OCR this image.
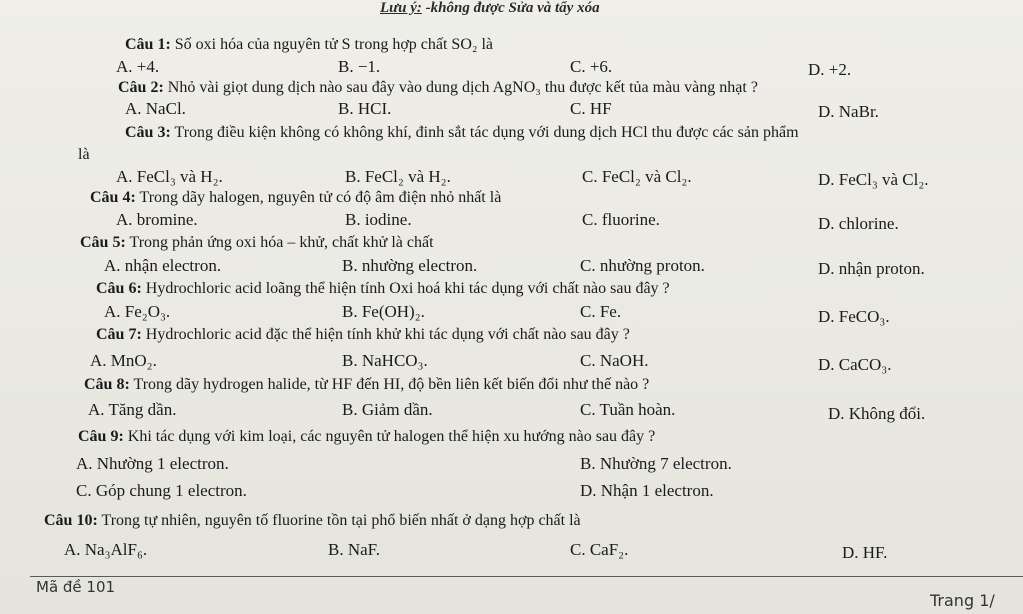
Lưu ý: -không được Sửa và tẩy xóa
Câu 1: Số oxi hóa của nguyên tử S trong hợp chất SO₂ là
A. +4.	B. −1.	C. +6.	D. +2.
Câu 2: Nhỏ vài giọt dung dịch nào sau đây vào dung dịch AgNO₃ thu được kết tủa màu vàng nhạt ?
A. NaCl.	B. HCI.	C. HF	D. NaBr.
Câu 3: Trong điều kiện không có không khí, đinh sắt tác dụng với dung dịch HCl thu được các sản phẩm
là
A. FeCl₃ và H₂.	B. FeCl₂ và H₂.	C. FeCl₂ và Cl₂.	D. FeCl₃ và Cl₂.
Câu 4: Trong dãy halogen, nguyên tử có độ âm điện nhỏ nhất là
A. bromine.	B. iodine.	C. fluorine.	D. chlorine.
Câu 5: Trong phản ứng oxi hóa – khử, chất khử là chất
A. nhận electron.	B. nhường electron.	C. nhường proton.	D. nhận proton.
Câu 6: Hydrochloric acid loãng thể hiện tính Oxi hoá khi tác dụng với chất nào sau đây ?
A. Fe₂O₃.	B. Fe(OH)₂.	C. Fe.	D. FeCO₃.
Câu 7: Hydrochloric acid đặc thể hiện tính khử khi tác dụng với chất nào sau đây ?
A. MnO₂.	B. NaHCO₃.	C. NaOH.	D. CaCO₃.
Câu 8: Trong dãy hydrogen halide, từ HF đến HI, độ bền liên kết biến đổi như thế nào ?
A. Tăng dần.	B. Giảm dần.	C. Tuần hoàn.	D. Không đổi.
Câu 9: Khi tác dụng với kim loại, các nguyên tử halogen thể hiện xu hướng nào sau đây ?
A. Nhường 1 electron.	B. Nhường 7 electron.
C. Góp chung 1 electron.	D. Nhận 1 electron.
Câu 10: Trong tự nhiên, nguyên tố fluorine tồn tại phổ biến nhất ở dạng hợp chất là
A. Na₃AlF₆.	B. NaF.	C. CaF₂.	D. HF.
Mã đề 101
Trang 1/
